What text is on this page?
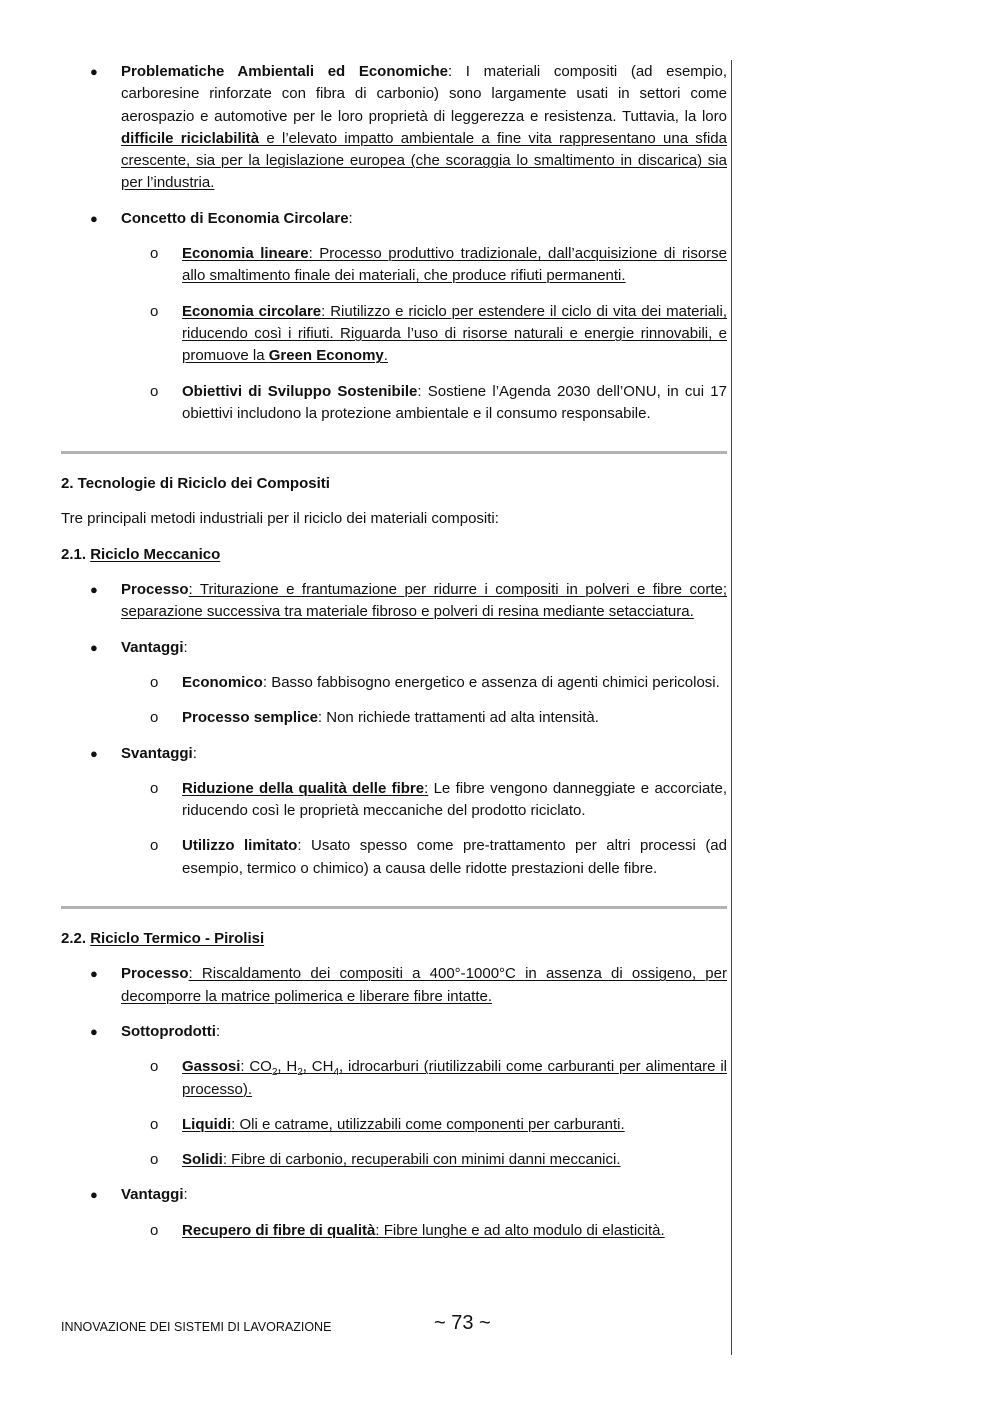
● Problematiche Ambientali ed Economiche: I materiali compositi (ad esempio, carboresine rinforzate con fibra di carbonio) sono largamente usati in settori come aerospazio e automotive per le loro proprietà di leggerezza e resistenza. Tuttavia, la loro difficile riciclabilità e l’elevato impatto ambientale a fine vita rappresentano una sfida crescente, sia per la legislazione europea (che scoraggia lo smaltimento in discarica) sia per l’industria.
● Concetto di Economia Circolare:
o Economia lineare: Processo produttivo tradizionale, dall’acquisizione di risorse allo smaltimento finale dei materiali, che produce rifiuti permanenti.
o Economia circolare: Riutilizzo e riciclo per estendere il ciclo di vita dei materiali, riducendo così i rifiuti. Riguarda l’uso di risorse naturali e energie rinnovabili, e promuove la Green Economy.
o Obiettivi di Sviluppo Sostenibile: Sostiene l’Agenda 2030 dell’ONU, in cui 17 obiettivi includono la protezione ambientale e il consumo responsabile.
2. Tecnologie di Riciclo dei Compositi
Tre principali metodi industriali per il riciclo dei materiali compositi:
2.1. Riciclo Meccanico
● Processo: Triturazione e frantumazione per ridurre i compositi in polveri e fibre corte; separazione successiva tra materiale fibroso e polveri di resina mediante setacciatura.
● Vantaggi:
o Economico: Basso fabbisogno energetico e assenza di agenti chimici pericolosi.
o Processo semplice: Non richiede trattamenti ad alta intensità.
● Svantaggi:
o Riduzione della qualità delle fibre: Le fibre vengono danneggiate e accorciate, riducendo così le proprietà meccaniche del prodotto riciclato.
o Utilizzo limitato: Usato spesso come pre-trattamento per altri processi (ad esempio, termico o chimico) a causa delle ridotte prestazioni delle fibre.
2.2. Riciclo Termico - Pirolisi
● Processo: Riscaldamento dei compositi a 400°-1000°C in assenza di ossigeno, per decomporre la matrice polimerica e liberare fibre intatte.
● Sottoprodotti:
o Gassosi: $CO_2$, $H_2$, $CH_4$, idrocarburi (riutilizzabili come carburanti per alimentare il processo).
o Liquidi: Oli e catrame, utilizzabili come componenti per carburanti.
o Solidi: Fibre di carbonio, recuperabili con minimi danni meccanici.
● Vantaggi:
o Recupero di fibre di qualità: Fibre lunghe e ad alto modulo di elasticità.
INNOVAZIONE DEI SISTEMI DI LAVORAZIONE	~ 73 ~
